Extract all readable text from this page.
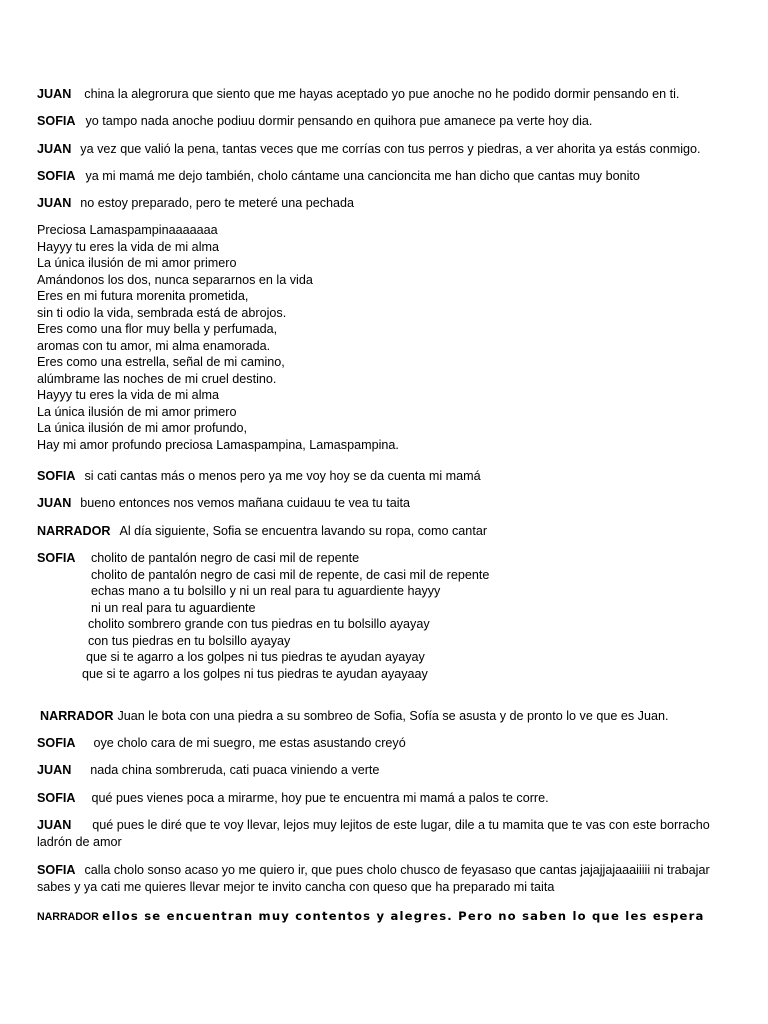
JUAN china la alegrorura que siento que me hayas aceptado yo pue anoche no he podido dormir pensando en ti.
SOFIA yo tampo nada anoche podiuu dormir pensando en quihora pue amanece pa verte hoy dia.
JUAN ya vez que valió la pena, tantas veces que me corrías con tus perros y piedras, a ver ahorita ya estás conmigo.
SOFIA ya mi mamá me dejo también, cholo cántame una cancioncita me han dicho que cantas muy bonito
JUAN no estoy preparado, pero te meteré una pechada
Preciosa Lamaspampinaaaaaaa
Hayyy tu eres la vida de mi alma
La única ilusión de mi amor primero
Amándonos los dos, nunca separarnos en la vida
Eres en mi futura morenita prometida,
sin ti odio la vida, sembrada está de abrojos.
Eres como una flor muy bella y perfumada,
aromas con tu amor, mi alma enamorada.
Eres como una estrella, señal de mi camino,
alúmbrame las noches de mi cruel destino.
Hayyy tu eres la vida de mi alma
La única ilusión de mi amor primero
La única ilusión de mi amor profundo,
Hay mi amor profundo preciosa Lamaspampina, Lamaspampina.
SOFIA si cati cantas más o menos pero ya me voy hoy se da cuenta mi mamá
JUAN bueno entonces nos vemos mañana cuidauu te vea tu taita
NARRADOR Al día siguiente, Sofia se encuentra lavando su ropa, como cantar
SOFIA	cholito de pantalón negro de casi mil de repente
cholito de pantalón negro de casi mil de repente, de casi mil de repente
echas mano a tu bolsillo y ni un real para tu aguardiente hayyy
ni un real para tu aguardiente
cholito sombrero grande con tus piedras en tu bolsillo ayayay
con tus piedras en tu bolsillo ayayay
que si te agarro a los golpes ni tus piedras te ayudan ayayay
que si te agarro a los golpes ni tus piedras te ayudan ayayaay
NARRADOR Juan le bota con una piedra a su sombreo de Sofia, Sofía se asusta y de pronto lo ve que es Juan.
SOFIA oye cholo cara de mi suegro, me estas asustando creyó
JUAN nada china sombreruda, cati puaca viniendo a verte
SOFIA qué pues vienes poca a mirarme, hoy pue te encuentra mi mamá a palos te corre.
JUAN qué pues le diré que te voy llevar, lejos muy lejitos de este lugar, dile a tu mamita que te vas con este borracho ladrón de amor
SOFIA calla cholo sonso acaso yo me quiero ir, que pues cholo chusco de feyasaso que cantas jajajjajaaaiiiii ni trabajar sabes y ya cati me quieres llevar mejor te invito cancha con queso que ha preparado mi taita
NARRADOR ellos se encuentran muy contentos y alegres. Pero no saben lo que les espera
